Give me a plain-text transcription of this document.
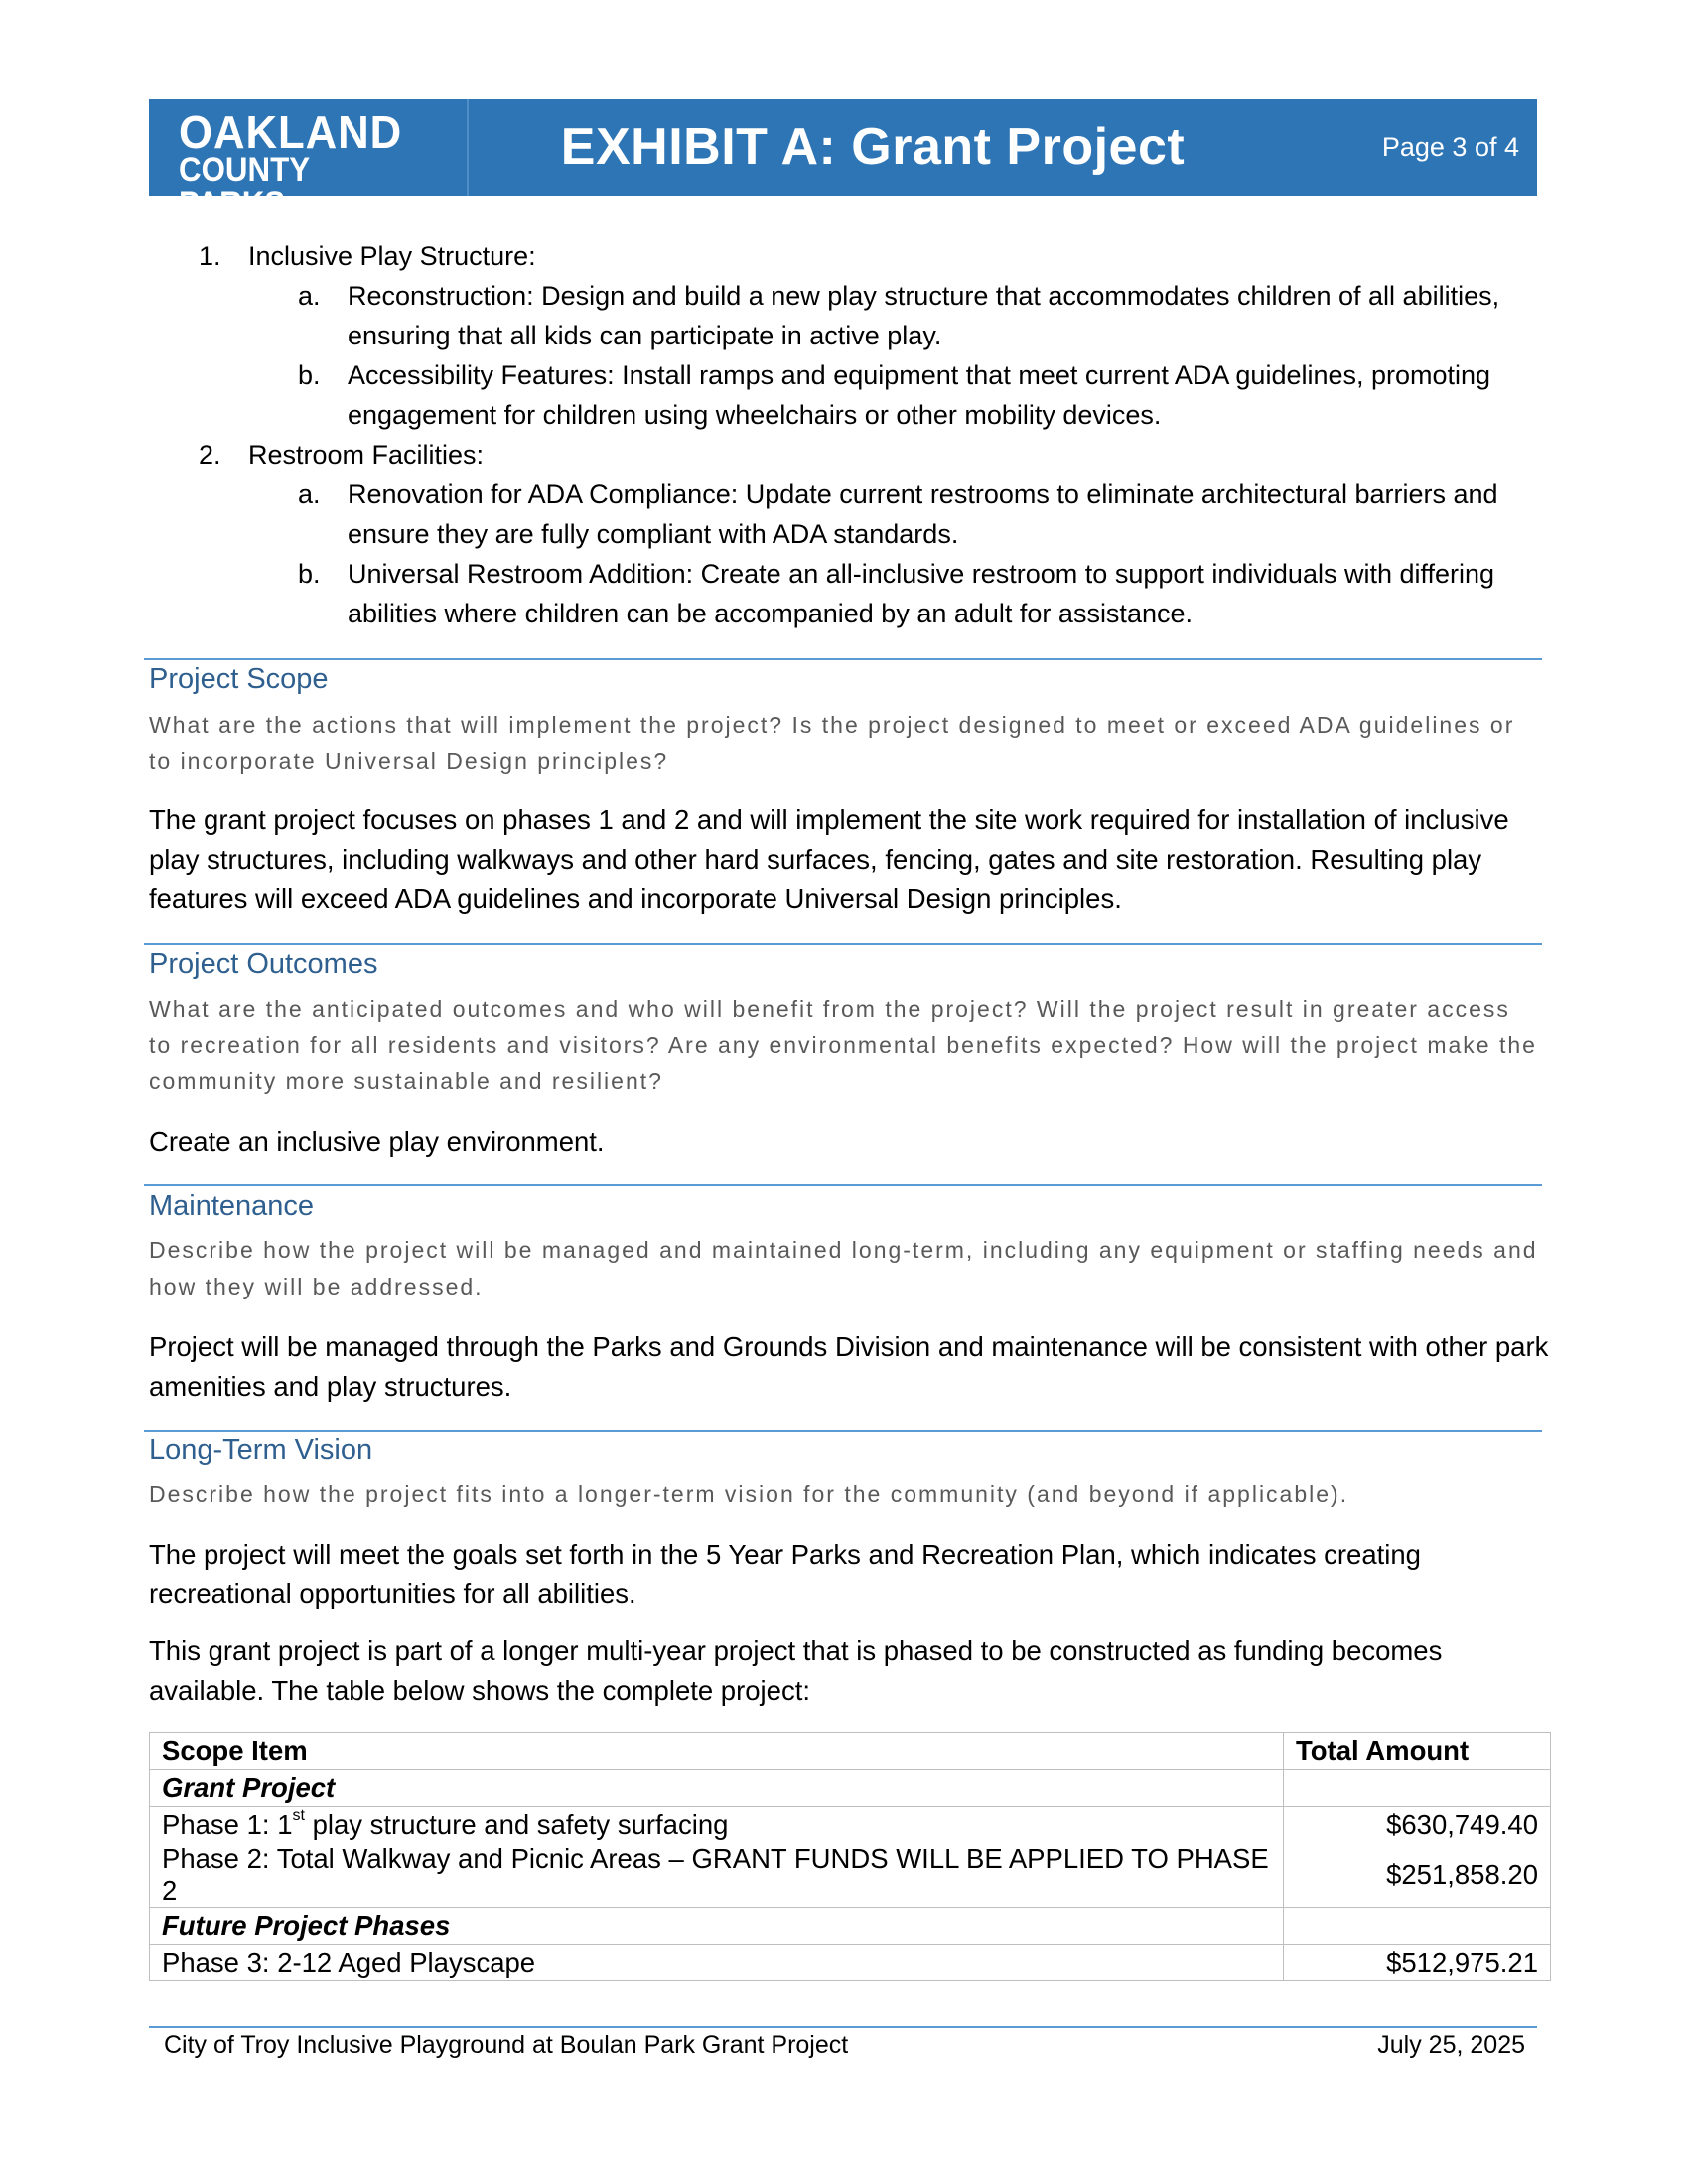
OAKLAND
COUNTY PARKS
EXHIBIT A: Grant Project	Page 3 of 4
1. Inclusive Play Structure:
a. Reconstruction: Design and build a new play structure that accommodates children of all abilities, ensuring that all kids can participate in active play.
b. Accessibility Features: Install ramps and equipment that meet current ADA guidelines, promoting engagement for children using wheelchairs or other mobility devices.
2. Restroom Facilities:
a. Renovation for ADA Compliance: Update current restrooms to eliminate architectural barriers and ensure they are fully compliant with ADA standards.
b. Universal Restroom Addition: Create an all-inclusive restroom to support individuals with differing abilities where children can be accompanied by an adult for assistance.
Project Scope
What are the actions that will implement the project? Is the project designed to meet or exceed ADA guidelines or to incorporate Universal Design principles?
The grant project focuses on phases 1 and 2 and will implement the site work required for installation of inclusive play structures, including walkways and other hard surfaces, fencing, gates and site restoration. Resulting play features will exceed ADA guidelines and incorporate Universal Design principles.
Project Outcomes
What are the anticipated outcomes and who will benefit from the project? Will the project result in greater access to recreation for all residents and visitors? Are any environmental benefits expected? How will the project make the community more sustainable and resilient?
Create an inclusive play environment.
Maintenance
Describe how the project will be managed and maintained long-term, including any equipment or staffing needs and how they will be addressed.
Project will be managed through the Parks and Grounds Division and maintenance will be consistent with other park amenities and play structures.
Long-Term Vision
Describe how the project fits into a longer-term vision for the community (and beyond if applicable).
The project will meet the goals set forth in the 5 Year Parks and Recreation Plan, which indicates creating recreational opportunities for all abilities.
This grant project is part of a longer multi-year project that is phased to be constructed as funding becomes available. The table below shows the complete project:
Scope Item	Total Amount
Grant Project	
Phase 1: 1st play structure and safety surfacing	$630,749.40
Phase 2: Total Walkway and Picnic Areas – GRANT FUNDS WILL BE APPLIED TO PHASE 2	$251,858.20
Future Project Phases	
Phase 3: 2-12 Aged Playscape	$512,975.21
City of Troy Inclusive Playground at Boulan Park Grant Project	July 25, 2025
